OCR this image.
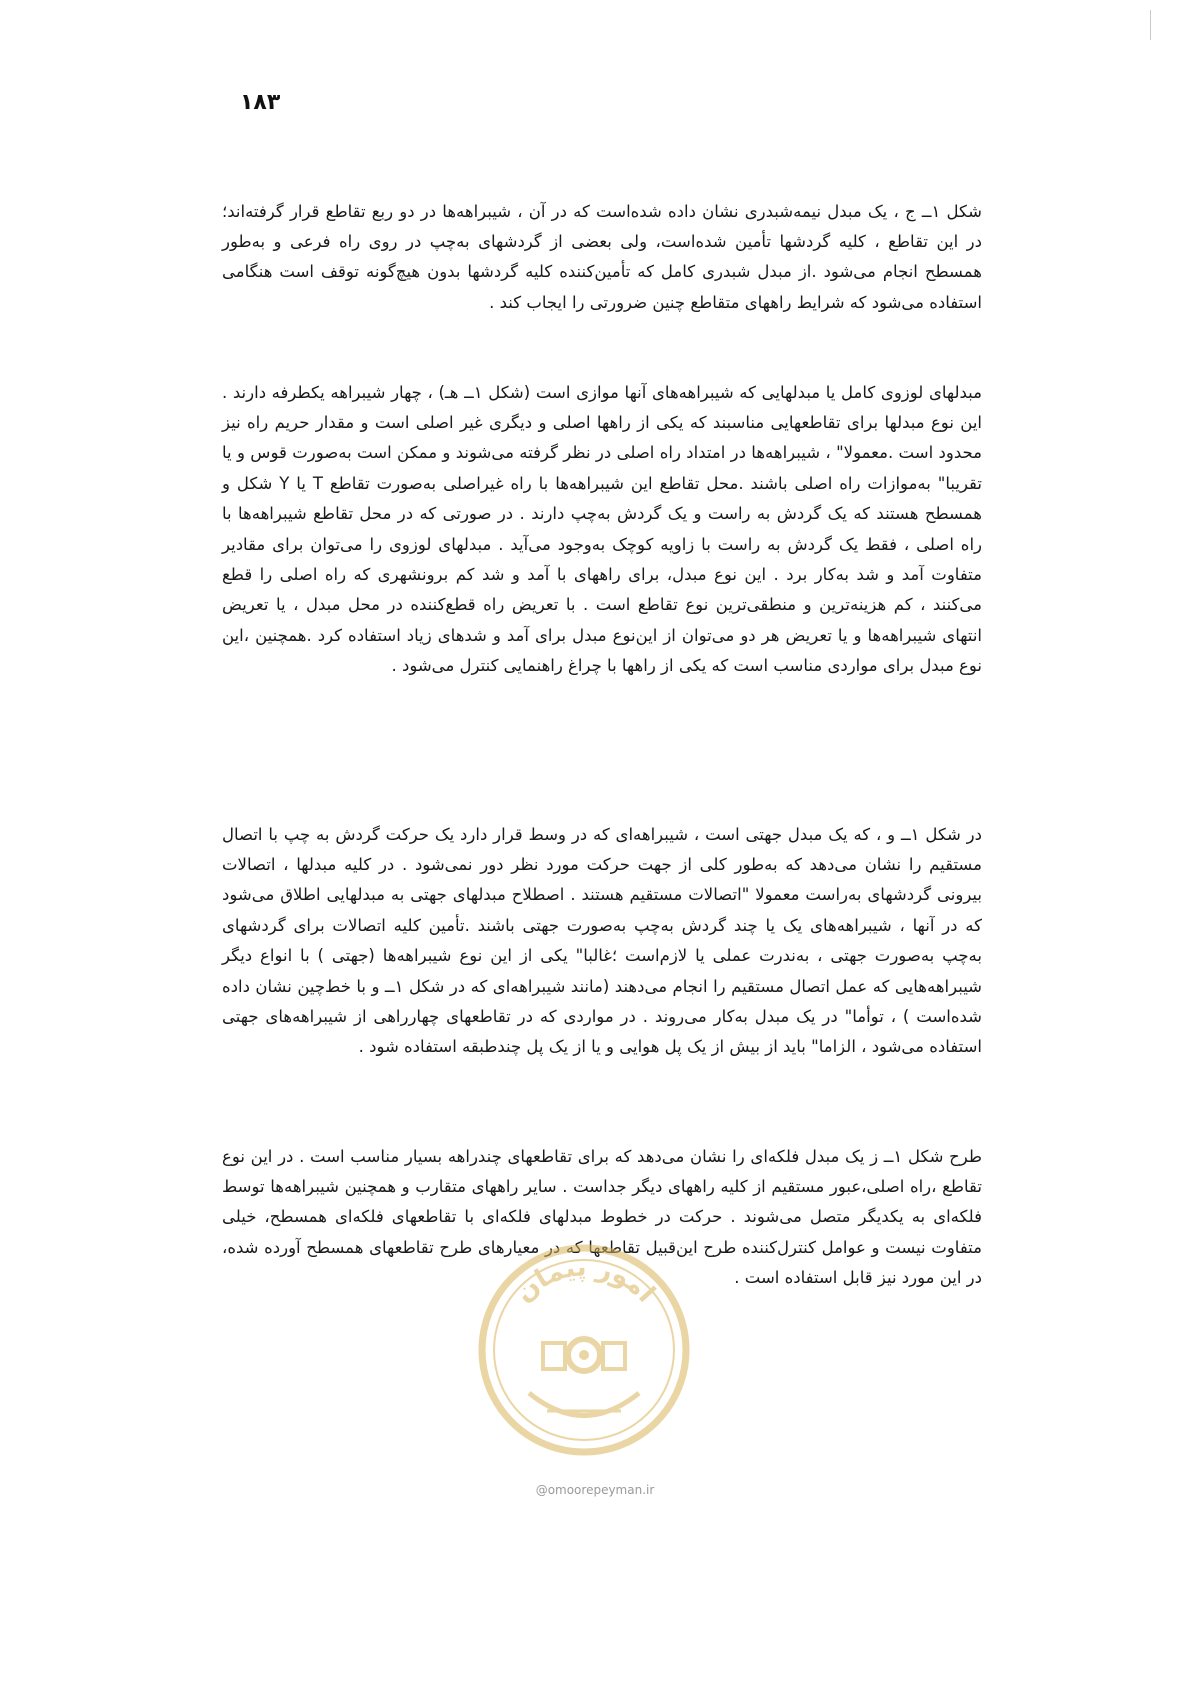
۱۸۳

شکل ۱ــ ج ، یک مبدل نیمه‌شبدری نشان داده شده‌است که در آن ، شیبراهه‌ها در دو ربع تقاطع قرار گرفته‌اند؛ در این تقاطع ، کلیه گردشها تأمین شده‌است، ولی بعضی از گردشهای به‌چپ در روی راه فرعی و به‌طور همسطح انجام می‌شود .از مبدل شبدری کامل که تأمین‌کننده کلیه گردشها بدون هیچ‌گونه توقف است هنگامی استفاده می‌شود که شرایط راههای متقاطع چنین ضرورتی را ایجاب کند .

مبدلهای لوزوی کامل یا مبدلهایی که شیبراهه‌های آنها موازی است (شکل ۱ــ هـ) ، چهار شیبراهه یکطرفه دارند . این نوع مبدلها برای تقاطعهایی مناسبند که یکی از راهها اصلی و دیگری غیر اصلی است و مقدار حریم راه نیز محدود است .معمولا" ، شیبراهه‌ها در امتداد راه اصلی در نظر گرفته می‌شوند و ممکن است به‌صورت قوس و یا تقریبا" به‌موازات راه اصلی باشند .محل تقاطع این شیبراهه‌ها با راه غیراصلی به‌صورت تقاطع T یا Y شکل و همسطح هستند که یک گردش به راست و یک گردش به‌چپ دارند . در صورتی که در محل تقاطع شیبراهه‌ها با راه اصلی ، فقط یک گردش به راست با زاویه کوچک به‌وجود می‌آید . مبدلهای لوزوی را می‌توان برای مقادیر متفاوت آمد و شد به‌کار برد . این نوع مبدل، برای راههای با آمد و شد کم برونشهری که راه اصلی را قطع می‌کنند ، کم هزینه‌ترین و منطقی‌ترین نوع تقاطع است . با تعریض راه قطع‌کننده در محل مبدل ، یا تعریض انتهای شیبراهه‌ها و یا تعریض هر دو می‌توان از این‌نوع مبدل برای آمد و شدهای زیاد استفاده کرد .همچنین ،این نوع مبدل برای مواردی مناسب است که یکی از راهها با چراغ راهنمایی کنترل می‌شود .

در شکل ۱ــ و ، که یک مبدل جهتی است ، شیبراهه‌ای که در وسط قرار دارد یک حرکت گردش به چپ با اتصال مستقیم را نشان می‌دهد که به‌طور کلی از جهت حرکت مورد نظر دور نمی‌شود . در کلیه مبدلها ، اتصالات بیرونی گردشهای به‌راست معمولا "اتصالات مستقیم هستند . اصطلاح مبدلهای جهتی به مبدلهایی اطلاق می‌شود که در آنها ، شیبراهه‌های یک یا چند گردش به‌چپ به‌صورت جهتی باشند .تأمین کلیه اتصالات برای گردشهای به‌چپ به‌صورت جهتی ، به‌ندرت عملی یا لازم‌است ؛غالبا" یکی از این نوع شیبراهه‌ها (جهتی ) با انواع دیگر شیبراهه‌هایی که عمل اتصال مستقیم را انجام می‌دهند (مانند شیبراهه‌ای که در شکل ۱ــ و با خط‌چین نشان داده شده‌است ) ، توأما" در یک مبدل به‌کار می‌روند . در مواردی که در تقاطعهای چهارراهی از شیبراهه‌های جهتی استفاده می‌شود ، الزاما" باید از بیش از یک پل هوایی و یا از یک پل چندطبقه استفاده شود .

طرح شکل ۱ــ ز یک مبدل فلکه‌ای را نشان می‌دهد که برای تقاطعهای چندراهه بسیار مناسب است . در این نوع تقاطع ،راه اصلی،عبور مستقیم از کلیه راههای دیگر جداست . سایر راههای متقارب و همچنین شیبراهه‌ها توسط فلکه‌ای به یکدیگر متصل می‌شوند . حرکت در خطوط مبدلهای فلکه‌ای با تقاطعهای فلکه‌ای همسطح، خیلی متفاوت نیست و عوامل کنترل‌کننده طرح این‌قبیل تقاطعها که در معیارهای طرح تقاطعهای همسطح آورده شده، در این مورد نیز قابل استفاده است .

امور پیمان
@omoorepeyman.ir
